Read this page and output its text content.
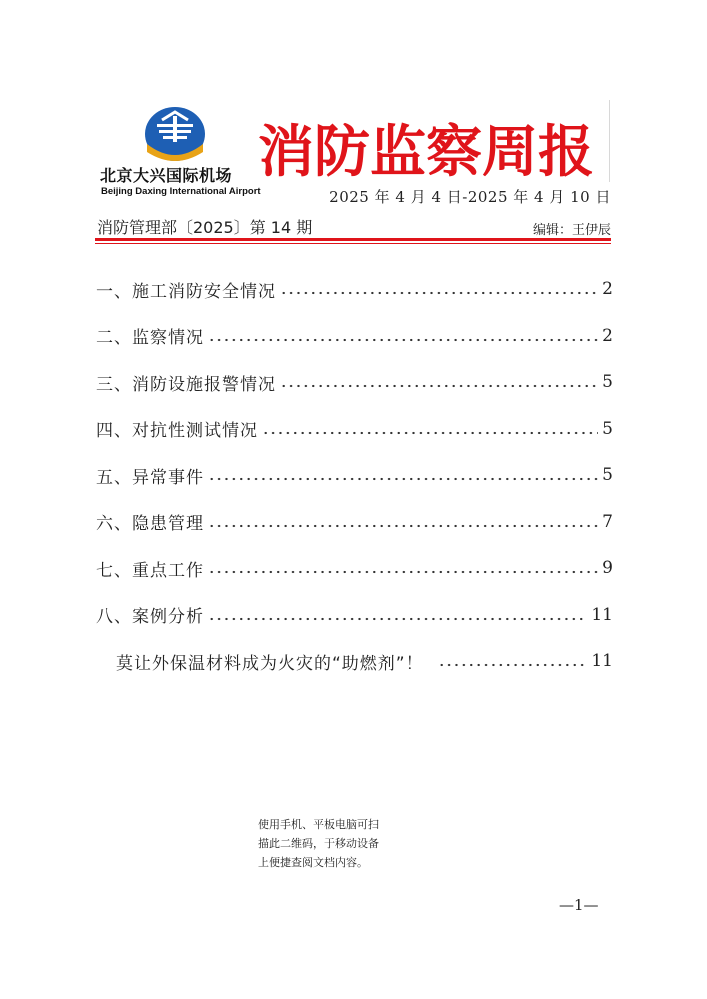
北京大兴国际机场
Beijing Daxing International Airport
消防监察周报
2025 年 4 月 4 日-2025 年 4 月 10 日
消防管理部〔2025〕第 14 期	编辑：王伊辰
一、施工消防安全情况	2
二、监察情况	2
三、消防设施报警情况	5
四、对抗性测试情况	5
五、异常事件	5
六、隐患管理	7
七、重点工作	9
八、案例分析	11
莫让外保温材料成为火灾的“助燃剂”！	11
使用手机、平板电脑可扫
描此二维码，于移动设备
上便捷查阅文档内容。
—1—
